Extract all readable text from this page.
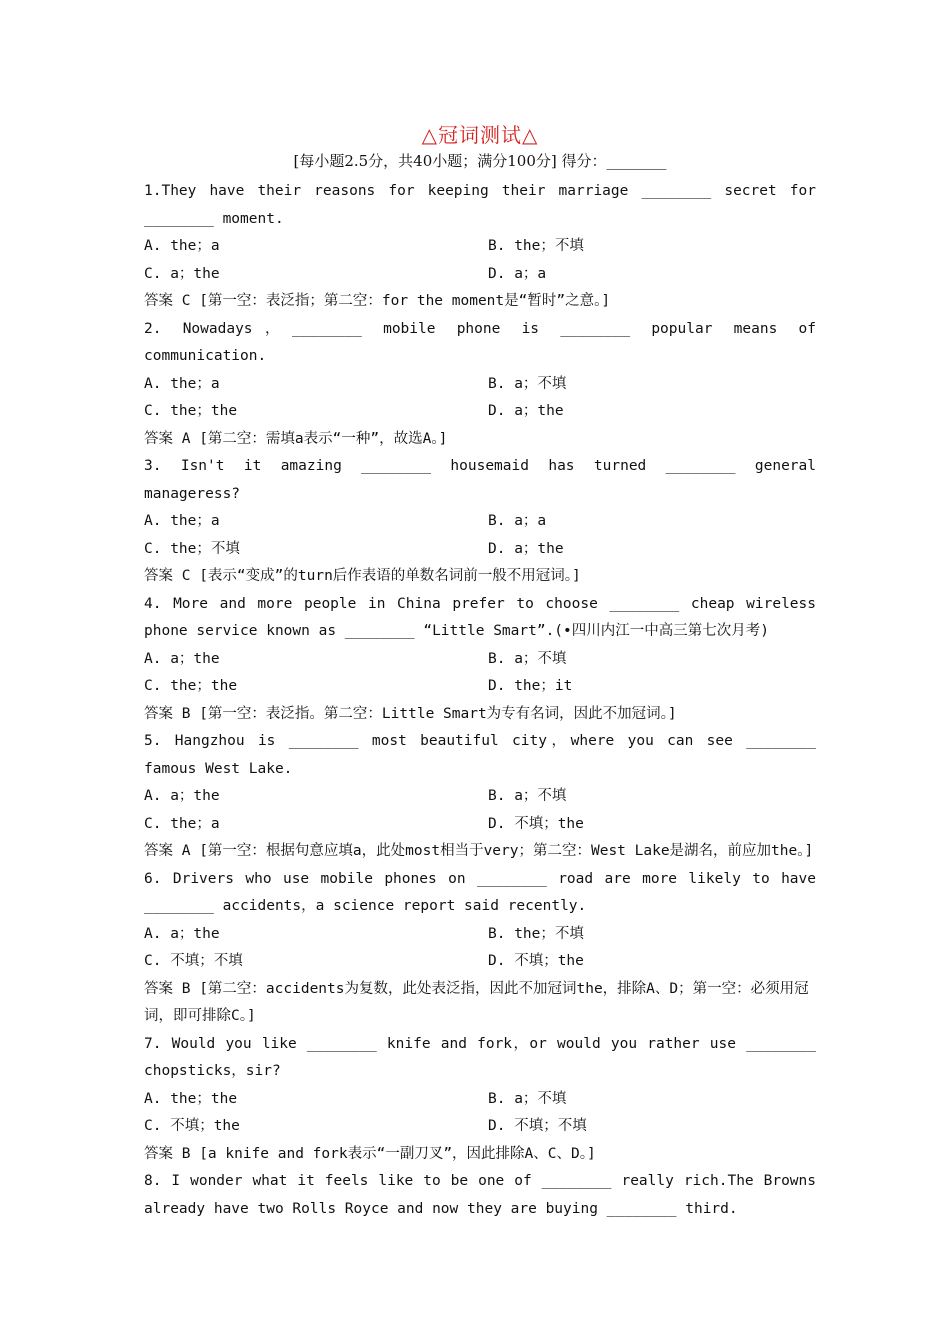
△冠词测试△
[每小题2.5分，共40小题；满分100分] 得分：________
1.They have their reasons for keeping their marriage ________ secret for ________ moment.
A. the；a	B. the；不填
C. a；the	D. a；a
答案 C [第一空：表泛指；第二空：for the moment是“暂时”之意。]
2. Nowadays，________ mobile phone is ________ popular means of communication.
A. the；a	B. a；不填
C. the；the	D. a；the
答案 A [第二空：需填a表示“一种”，故选A。]
3. Isn't it amazing ________ housemaid has turned ________ general manageress?
A. the；a	B. a；a
C. the；不填	D. a；the
答案 C [表示“变成”的turn后作表语的单数名词前一般不用冠词。]
4. More and more people in China prefer to choose ________ cheap wireless phone service known as ________ “Little Smart”.(•四川内江一中高三第七次月考)
A. a；the	B. a；不填
C. the；the	D. the；it
答案 B [第一空：表泛指。第二空：Little Smart为专有名词，因此不加冠词。]
5. Hangzhou is ________ most beautiful city，where you can see ________ famous West Lake.
A. a；the	B. a；不填
C. the；a	D. 不填；the
答案 A [第一空：根据句意应填a，此处most相当于very；第二空：West Lake是湖名，前应加the。]
6. Drivers who use mobile phones on ________ road are more likely to have ________ accidents，a science report said recently.
A. a；the	B. the；不填
C. 不填；不填	D. 不填；the
答案 B [第二空：accidents为复数，此处表泛指，因此不加冠词the，排除A、D；第一空：必须用冠词，即可排除C。]
7. Would you like ________ knife and fork，or would you rather use ________ chopsticks，sir?
A. the；the	B. a；不填
C. 不填；the	D. 不填；不填
答案 B [a knife and fork表示“一副刀叉”，因此排除A、C、D。]
8. I wonder what it feels like to be one of ________ really rich.The Browns already have two Rolls Royce and now they are buying ________ third.
